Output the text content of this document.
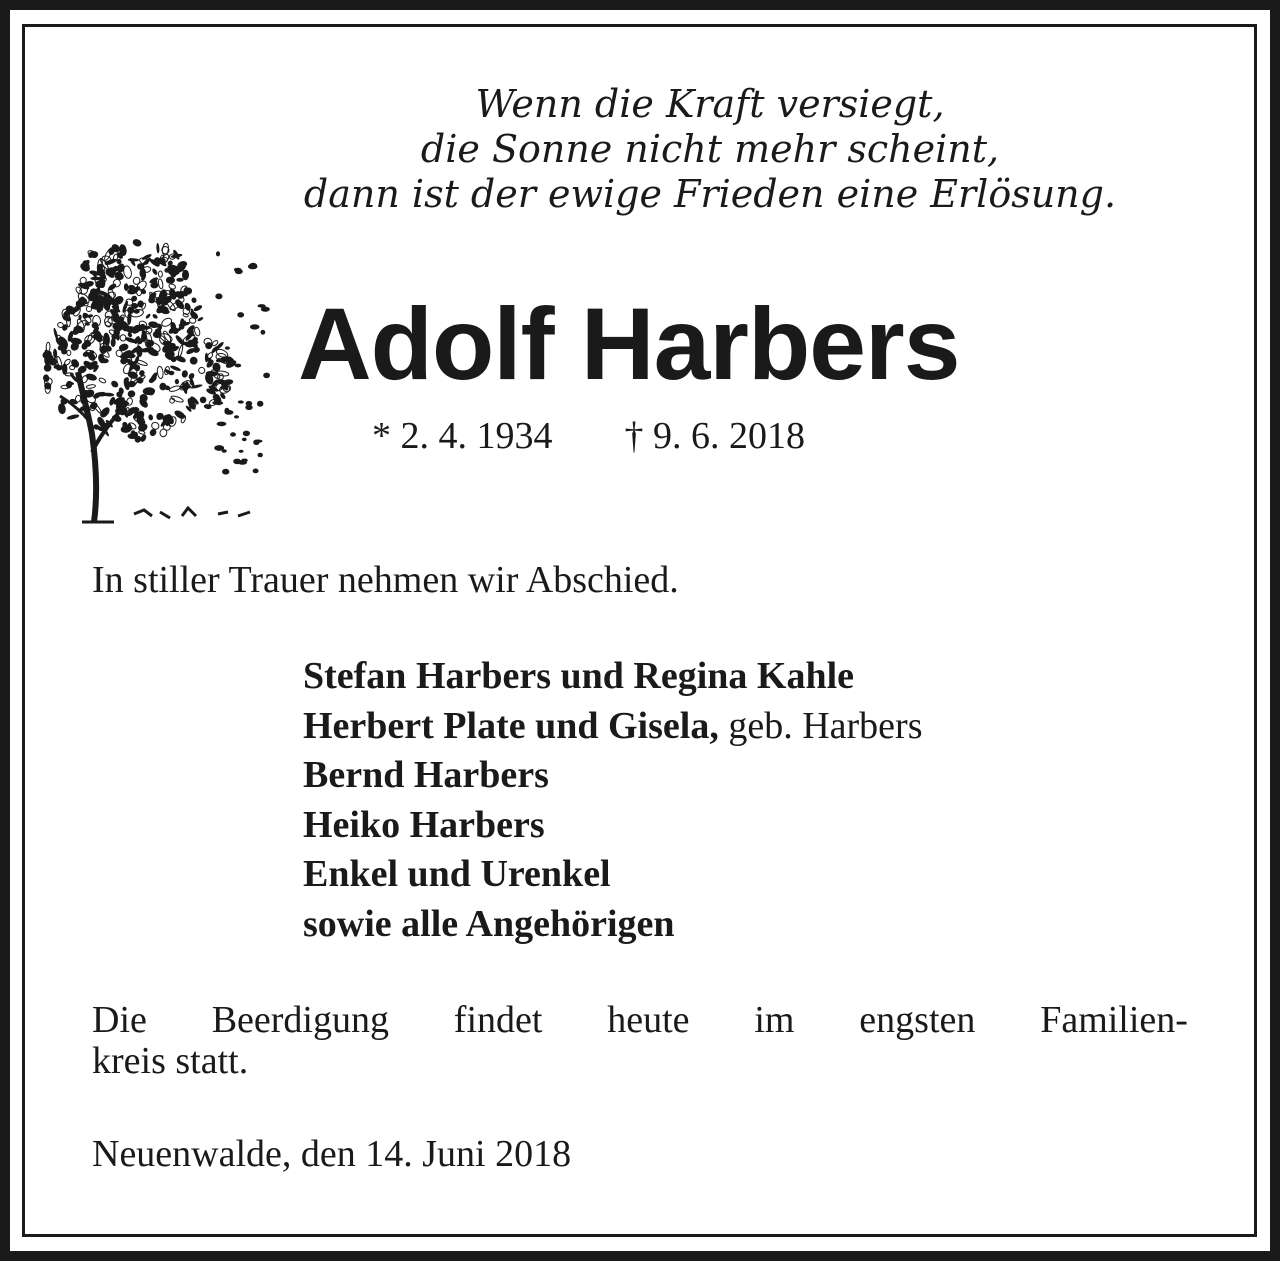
Wenn die Kraft versiegt,
die Sonne nicht mehr scheint,
dann ist der ewige Frieden eine Erlösung.
Adolf Harbers
* 2. 4. 1934 † 9. 6. 2018

In stiller Trauer nehmen wir Abschied.

Stefan Harbers und Regina Kahle
Herbert Plate und Gisela, geb. Harbers
Bernd Harbers
Heiko Harbers
Enkel und Urenkel
sowie alle Angehörigen
Die Beerdigung findet heute im engsten Familien-
kreis statt.

Neuenwalde, den 14. Juni 2018
